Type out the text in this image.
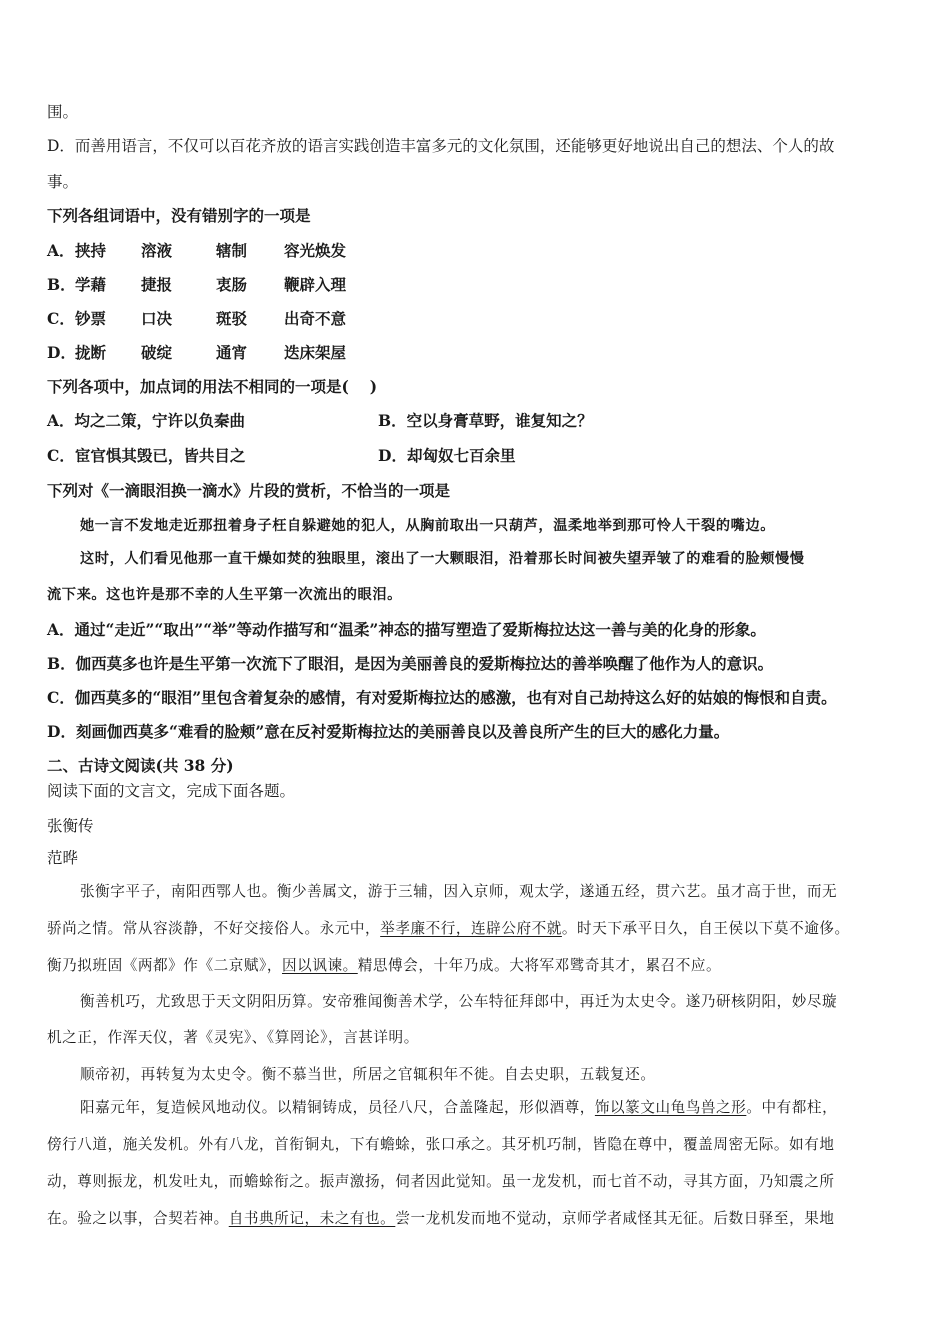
围。
D．而善用语言，不仅可以百花齐放的语言实践创造丰富多元的文化氛围，还能够更好地说出自己的想法、个人的故
事。
下列各组词语中，没有错别字的一项是
A． 挟持 溶液	辖制 容光焕发
B． 学藉 捷报	衷肠 鞭辟入理
C． 钞票 口决	斑驳 出奇不意
D． 拢断 破绽	通宵 迭床架屋
下列各项中，加点词的用法不相同的一项是(　 )
A．均之二策，宁许以负秦曲	B．空以身膏草野，谁复知之？
C．宦官惧其毁已，皆共目之	D．却匈奴七百余里
下列对《一滴眼泪换一滴水》片段的赏析，不恰当的一项是
她一言不发地走近那扭着身子枉自躲避她的犯人，从胸前取出一只葫芦，温柔地举到那可怜人干裂的嘴边。
这时，人们看见他那一直干燥如焚的独眼里，滚出了一大颗眼泪，沿着那长时间被失望弄皱了的难看的脸颊慢慢
流下来。这也许是那不幸的人生平第一次流出的眼泪。
A．通过“走近”“取出”“举”等动作描写和“温柔”神态的描写塑造了爱斯梅拉达这一善与美的化身的形象。
B．伽西莫多也许是生平第一次流下了眼泪，是因为美丽善良的爱斯梅拉达的善举唤醒了他作为人的意识。
C．伽西莫多的“眼泪”里包含着复杂的感情，有对爱斯梅拉达的感激，也有对自己劫持这么好的姑娘的悔恨和自责。
D．刻画伽西莫多“难看的脸颊”意在反衬爱斯梅拉达的美丽善良以及善良所产生的巨大的感化力量。
二、古诗文阅读(共 38 分)
阅读下面的文言文，完成下面各题。
张衡传
范晔
张衡字平子，南阳西鄂人也。衡少善属文，游于三辅，因入京师，观太学，遂通五经，贯六艺。虽才高于世，而无
骄尚之情。常从容淡静，不好交接俗人。永元中，举孝廉不行，连辟公府不就。时天下承平日久，自王侯以下莫不逾侈。
衡乃拟班固《两都》作《二京赋》，因以讽谏。精思傅会，十年乃成。大将军邓骘奇其才，累召不应。
衡善机巧，尤致思于天文阴阳历算。安帝雅闻衡善术学，公车特征拜郎中，再迁为太史令。遂乃研核阴阳，妙尽璇
机之正，作浑天仪，著《灵宪》、《算罔论》，言甚详明。
顺帝初，再转复为太史令。衡不慕当世，所居之官辄积年不徙。自去史职，五载复还。
阳嘉元年，复造候风地动仪。以精铜铸成，员径八尺，合盖隆起，形似酒尊，饰以篆文山龟鸟兽之形。中有都柱，
傍行八道，施关发机。外有八龙，首衔铜丸，下有蟾蜍，张口承之。其牙机巧制，皆隐在尊中，覆盖周密无际。如有地
动，尊则振龙，机发吐丸，而蟾蜍衔之。振声激扬，伺者因此觉知。虽一龙发机，而七首不动，寻其方面，乃知震之所
在。验之以事，合契若神。自书典所记，未之有也。尝一龙机发而地不觉动，京师学者咸怪其无征。后数日驿至，果地
